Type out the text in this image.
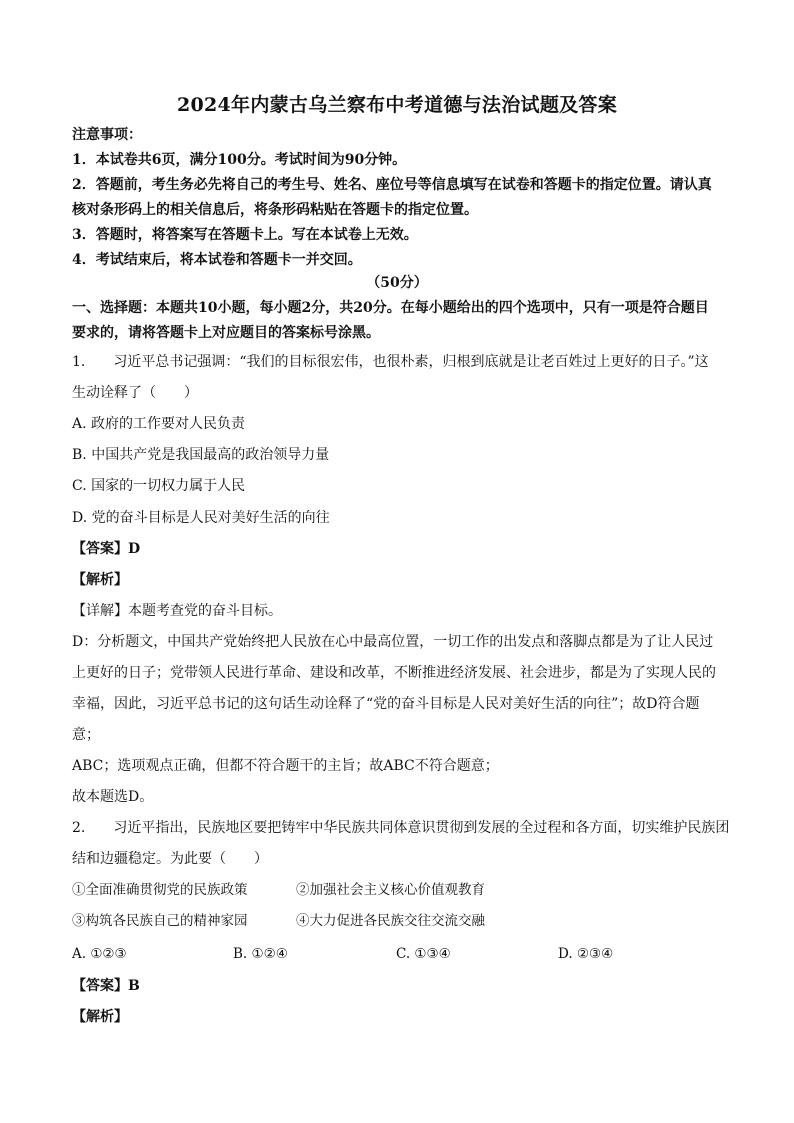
2024年内蒙古乌兰察布中考道德与法治试题及答案
注意事项：
1．本试卷共6页，满分100分。考试时间为90分钟。
2．答题前，考生务必先将自己的考生号、姓名、座位号等信息填写在试卷和答题卡的指定位置。请认真
核对条形码上的相关信息后，将条形码粘贴在答题卡的指定位置。
3．答题时，将答案写在答题卡上。写在本试卷上无效。
4．考试结束后，将本试卷和答题卡一并交回。
（50分）
一、选择题：本题共10小题，每小题2分，共20分。在每小题给出的四个选项中，只有一项是符合题目
要求的，请将答题卡上对应题目的答案标号涂黑。
1.　　习近平总书记强调：“我们的目标很宏伟，也很朴素，归根到底就是让老百姓过上更好的日子。”这
生动诠释了（　　）
A. 政府的工作要对人民负责
B. 中国共产党是我国最高的政治领导力量
C. 国家的一切权力属于人民
D. 党的奋斗目标是人民对美好生活的向往
【答案】D
【解析】
【详解】本题考查党的奋斗目标。
D：分析题文，中国共产党始终把人民放在心中最高位置，一切工作的出发点和落脚点都是为了让人民过
上更好的日子；党带领人民进行革命、建设和改革，不断推进经济发展、社会进步，都是为了实现人民的
幸福，因此，习近平总书记的这句话生动诠释了“党的奋斗目标是人民对美好生活的向往”；故D符合题
意；
ABC；选项观点正确，但都不符合题干的主旨；故ABC不符合题意；
故本题选D。
2.　　习近平指出，民族地区要把铸牢中华民族共同体意识贯彻到发展的全过程和各方面，切实维护民族团
结和边疆稳定。为此要（　　）
①全面准确贯彻党的民族政策	②加强社会主义核心价值观教育
③构筑各民族自己的精神家园	④大力促进各民族交往交流交融
A. ①②③	B. ①②④	C. ①③④	D. ②③④
【答案】B
【解析】
